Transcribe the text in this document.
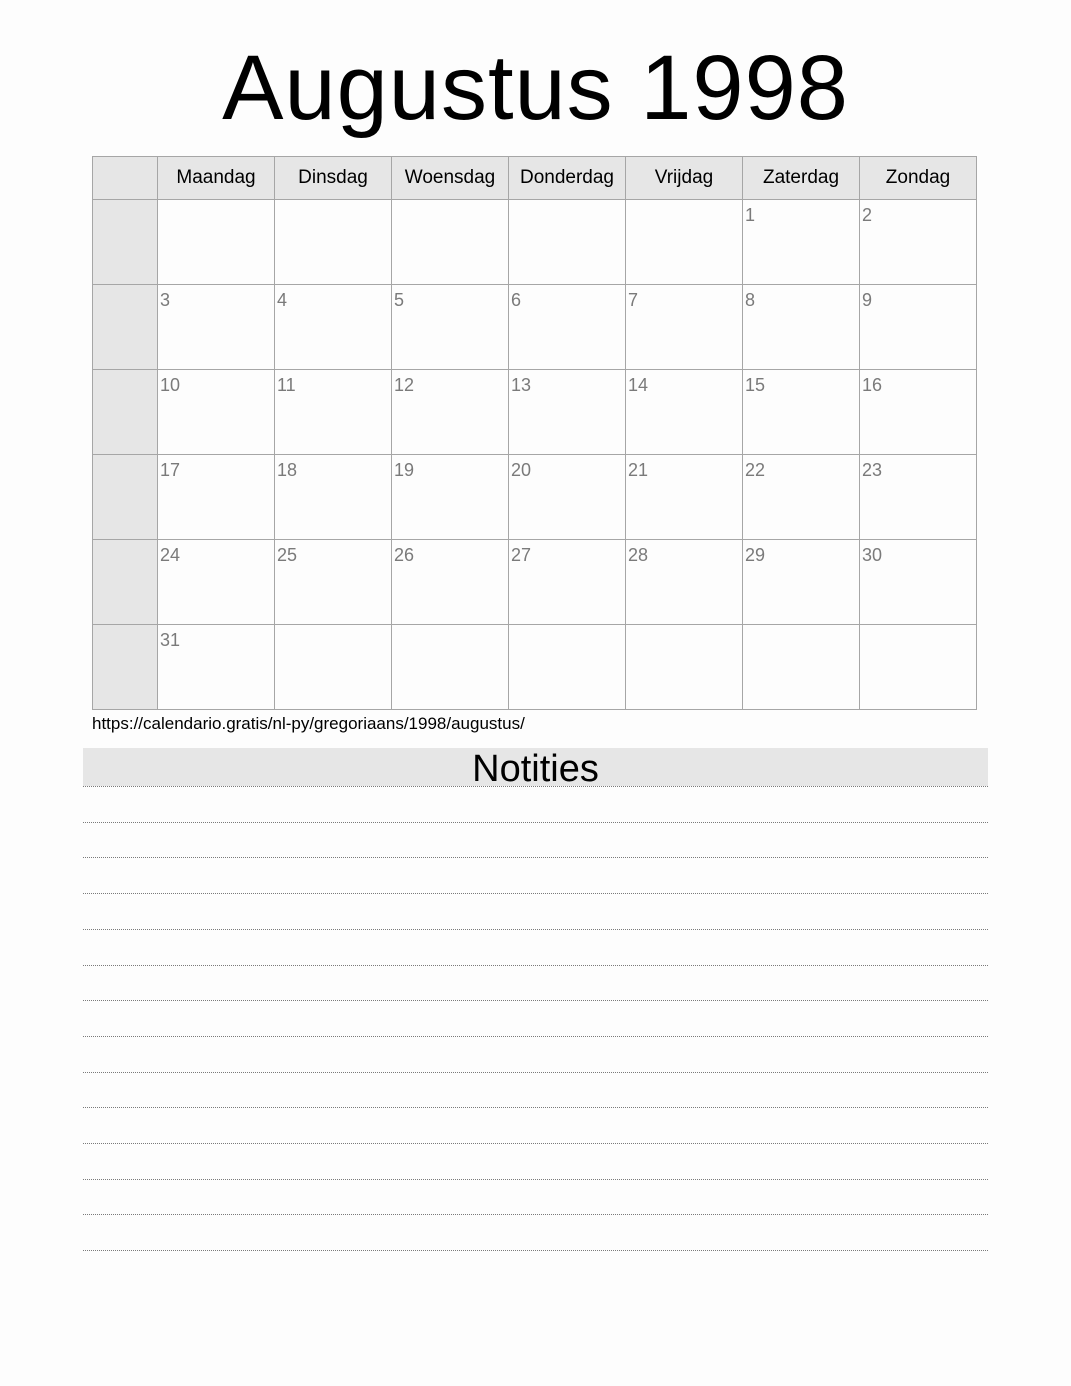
Augustus 1998
	Maandag	Dinsdag	Woensdag	Donderdag	Vrijdag	Zaterdag	Zondag

						1	2

	3	4	5	6	7	8	9

	10	11	12	13	14	15	16

	17	18	19	20	21	22	23

	24	25	26	27	28	29	30

	31						

https://calendario.gratis/nl-py/gregoriaans/1998/augustus/
Notities
